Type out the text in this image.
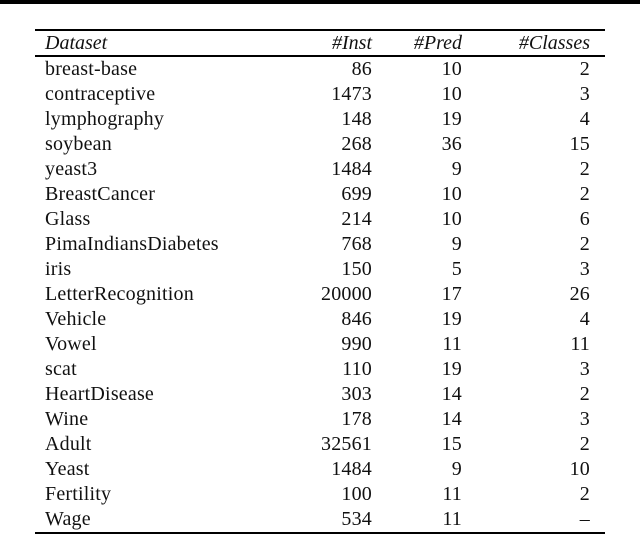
Dataset	#Inst	#Pred	#Classes
breast-base	86	10	2
contraceptive	1473	10	3
lymphography	148	19	4
soybean	268	36	15
yeast3	1484	9	2
BreastCancer	699	10	2
Glass	214	10	6
PimaIndiansDiabetes	768	9	2
iris	150	5	3
LetterRecognition	20000	17	26
Vehicle	846	19	4
Vowel	990	11	11
scat	110	19	3
HeartDisease	303	14	2
Wine	178	14	3
Adult	32561	15	2
Yeast	1484	9	10
Fertility	100	11	2
Wage	534	11	–
